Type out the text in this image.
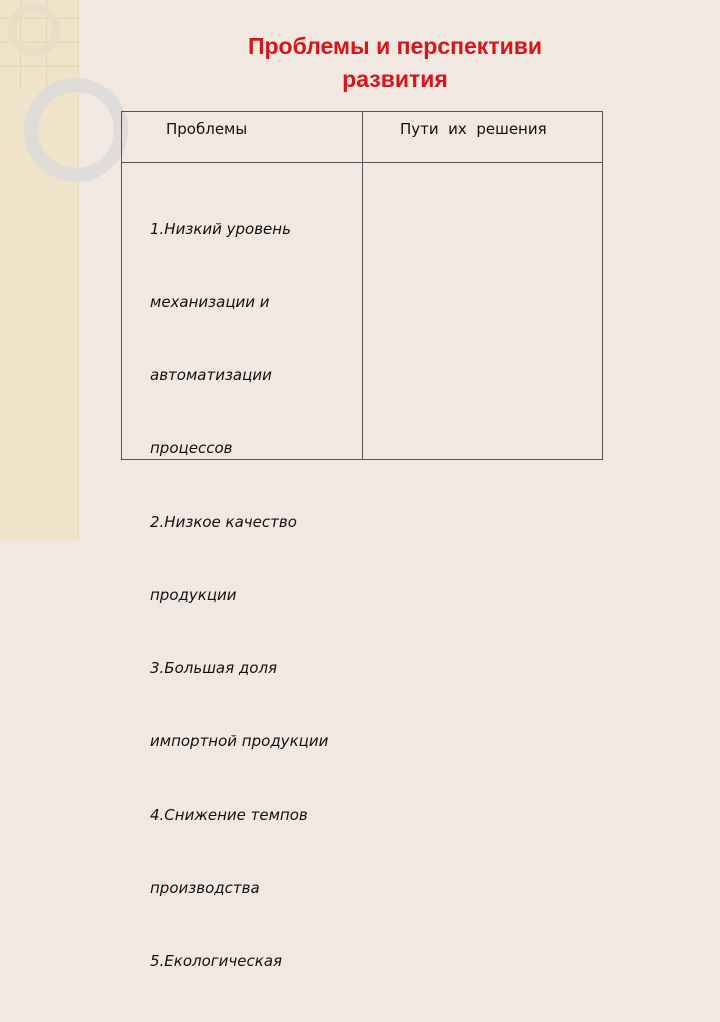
Проблемы и перспективи
развития
Проблемы	Пути  их  решения

1.Низкий уровень

механизации и

автоматизации

процессов

2.Низкое качество

продукции

3.Большая доля

импортной продукции

4.Снижение темпов

производства

5.Екологическая
